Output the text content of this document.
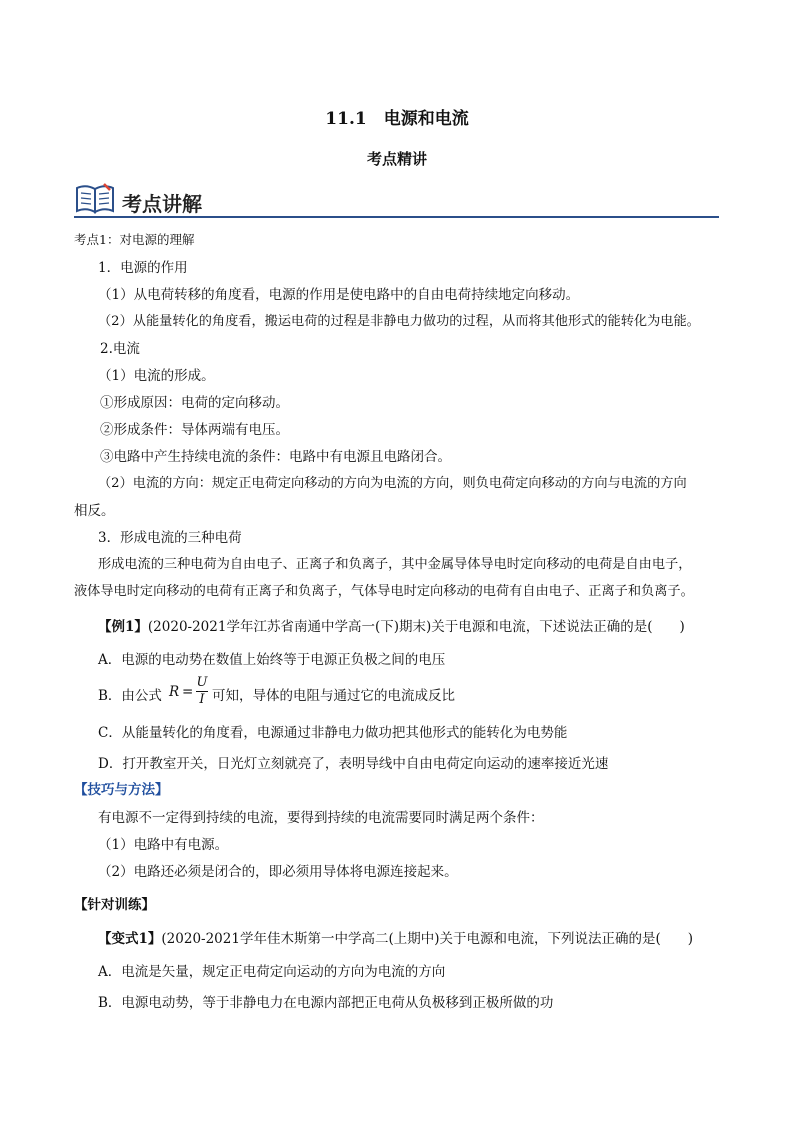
11.1　电源和电流
考点精讲
考点讲解
考点1：对电源的理解
1．电源的作用
（1）从电荷转移的角度看，电源的作用是使电路中的自由电荷持续地定向移动。
（2）从能量转化的角度看，搬运电荷的过程是非静电力做功的过程，从而将其他形式的能转化为电能。
2.电流
（1）电流的形成。
①形成原因：电荷的定向移动。
②形成条件：导体两端有电压。
③电路中产生持续电流的条件：电路中有电源且电路闭合。
（2）电流的方向：规定正电荷定向移动的方向为电流的方向，则负电荷定向移动的方向与电流的方向
相反。
3．形成电流的三种电荷
形成电流的三种电荷为自由电子、正离子和负离子，其中金属导体导电时定向移动的电荷是自由电子，
液体导电时定向移动的电荷有正离子和负离子，气体导电时定向移动的电荷有自由电子、正离子和负离子。
【例1】(2020-2021学年江苏省南通中学高一(下)期末)关于电源和电流，下述说法正确的是(　　)
A．电源的电动势在数值上始终等于电源正负极之间的电压
B．由公式 R =
U
I 可知，导体的电阻与通过它的电流成反比
C．从能量转化的角度看，电源通过非静电力做功把其他形式的能转化为电势能
D．打开教室开关，日光灯立刻就亮了，表明导线中自由电荷定向运动的速率接近光速
【技巧与方法】
有电源不一定得到持续的电流，要得到持续的电流需要同时满足两个条件：
（1）电路中有电源。
（2）电路还必须是闭合的，即必须用导体将电源连接起来。
【针对训练】
【变式1】(2020-2021学年佳木斯第一中学高二(上期中)关于电源和电流，下列说法正确的是(　　)
A．电流是矢量，规定正电荷定向运动的方向为电流的方向
B．电源电动势，等于非静电力在电源内部把正电荷从负极移到正极所做的功
